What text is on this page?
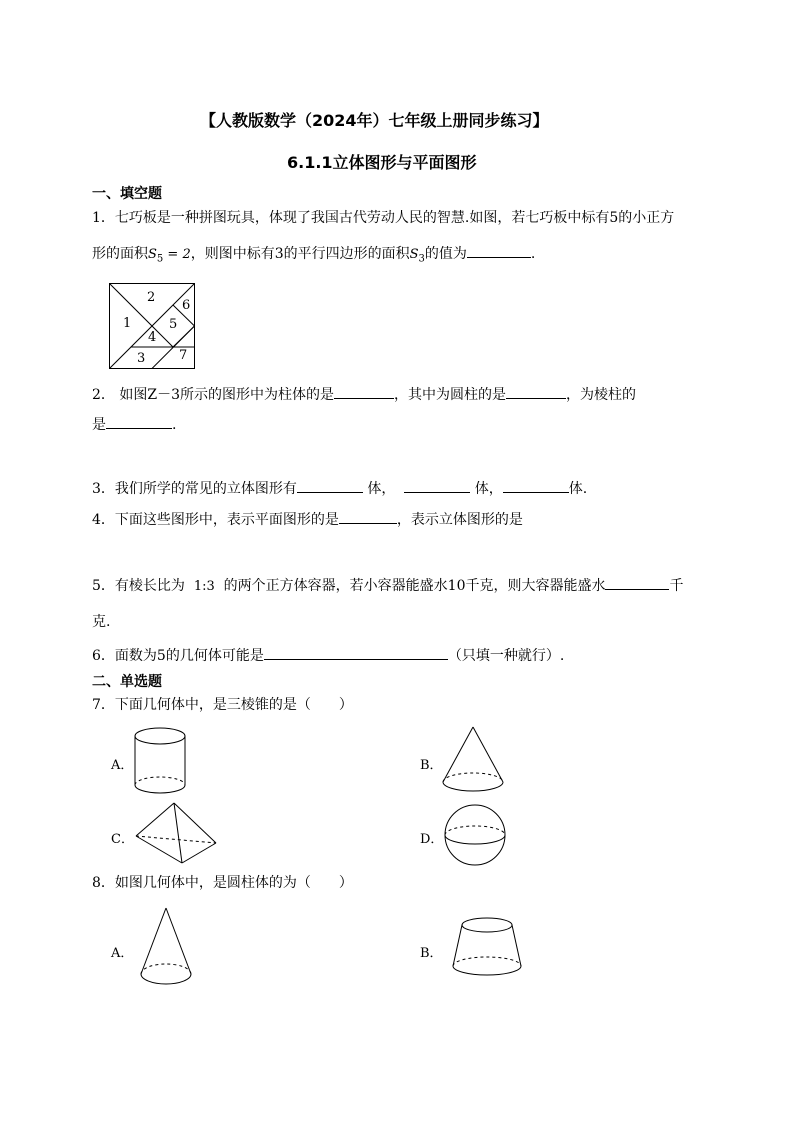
【人教版数学（2024年）七年级上册同步练习】
6.1.1立体图形与平面图形
一、填空题
1．七巧板是一种拼图玩具，体现了我国古代劳动人民的智慧.如图，若七巧板中标有5的小正方
形的面积$S_5 = 2$，则图中标有3的平行四边形的面积$S_3$的值为	.
1
2
3
4
5
6
7
2． 如图Z－3所示的图形中为柱体的是	，其中为圆柱的是	，为棱柱的
是	.
3．我们所学的常见的立体图形有	体，	体，	体.
4．下面这些图形中，表示平面图形的是	，表示立体图形的是
5．有棱长比为 1:3 的两个正方体容器，若小容器能盛水10千克，则大容器能盛水	千
克.
6．面数为5的几何体可能是	（只填一种就行）.
二、单选题
7．下面几何体中，是三棱锥的是（　　）
A．	B．
C．	D．
8．如图几何体中，是圆柱体的为（　　）
A．	B．
